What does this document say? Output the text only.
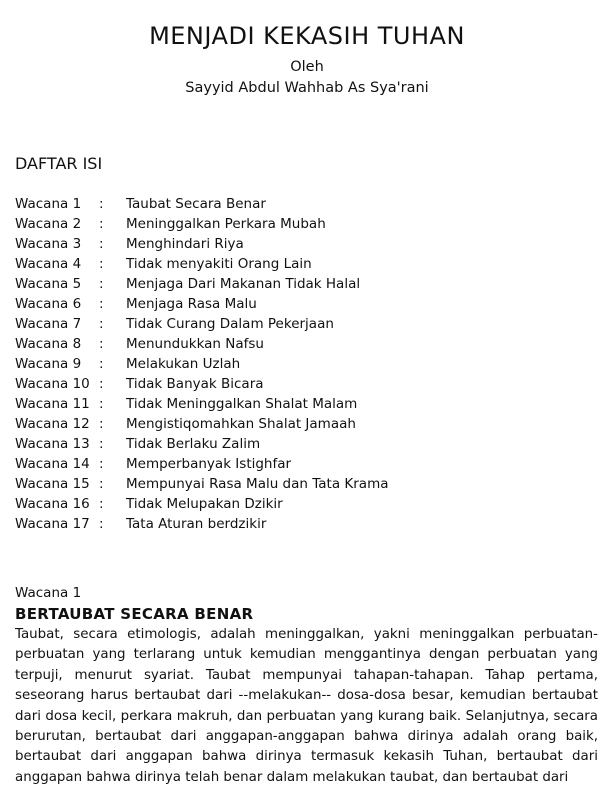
MENJADI KEKASIH TUHAN
Oleh
Sayyid Abdul Wahhab As Sya'rani
DAFTAR ISI
Wacana 1 : Taubat Secara Benar
Wacana 2 : Meninggalkan Perkara Mubah
Wacana 3 : Menghindari Riya
Wacana 4 : Tidak menyakiti Orang Lain
Wacana 5 : Menjaga Dari Makanan Tidak Halal
Wacana 6 : Menjaga Rasa Malu
Wacana 7 : Tidak Curang Dalam Pekerjaan
Wacana 8 : Menundukkan Nafsu
Wacana 9 : Melakukan Uzlah
Wacana 10 : Tidak Banyak Bicara
Wacana 11 : Tidak Meninggalkan Shalat Malam
Wacana 12 : Mengistiqomahkan Shalat Jamaah
Wacana 13 : Tidak Berlaku Zalim
Wacana 14 : Memperbanyak Istighfar
Wacana 15 : Mempunyai Rasa Malu dan Tata Krama
Wacana 16 : Tidak Melupakan Dzikir
Wacana 17 : Tata Aturan berdzikir
Wacana 1
BERTAUBAT SECARA BENAR

Taubat, secara etimologis, adalah meninggalkan, yakni meninggalkan perbuatan-perbuatan yang terlarang untuk kemudian menggantinya dengan perbuatan yang terpuji, menurut syariat. Taubat mempunyai tahapan-tahapan. Tahap pertama, seseorang harus bertaubat dari --melakukan-- dosa-dosa besar, kemudian bertaubat dari dosa kecil, perkara makruh, dan perbuatan yang kurang baik. Selanjutnya, secara berurutan, bertaubat dari anggapan-anggapan bahwa dirinya adalah orang baik, bertaubat dari anggapan bahwa dirinya termasuk kekasih Tuhan, bertaubat dari anggapan bahwa dirinya telah benar dalam melakukan taubat, dan bertaubat dari
